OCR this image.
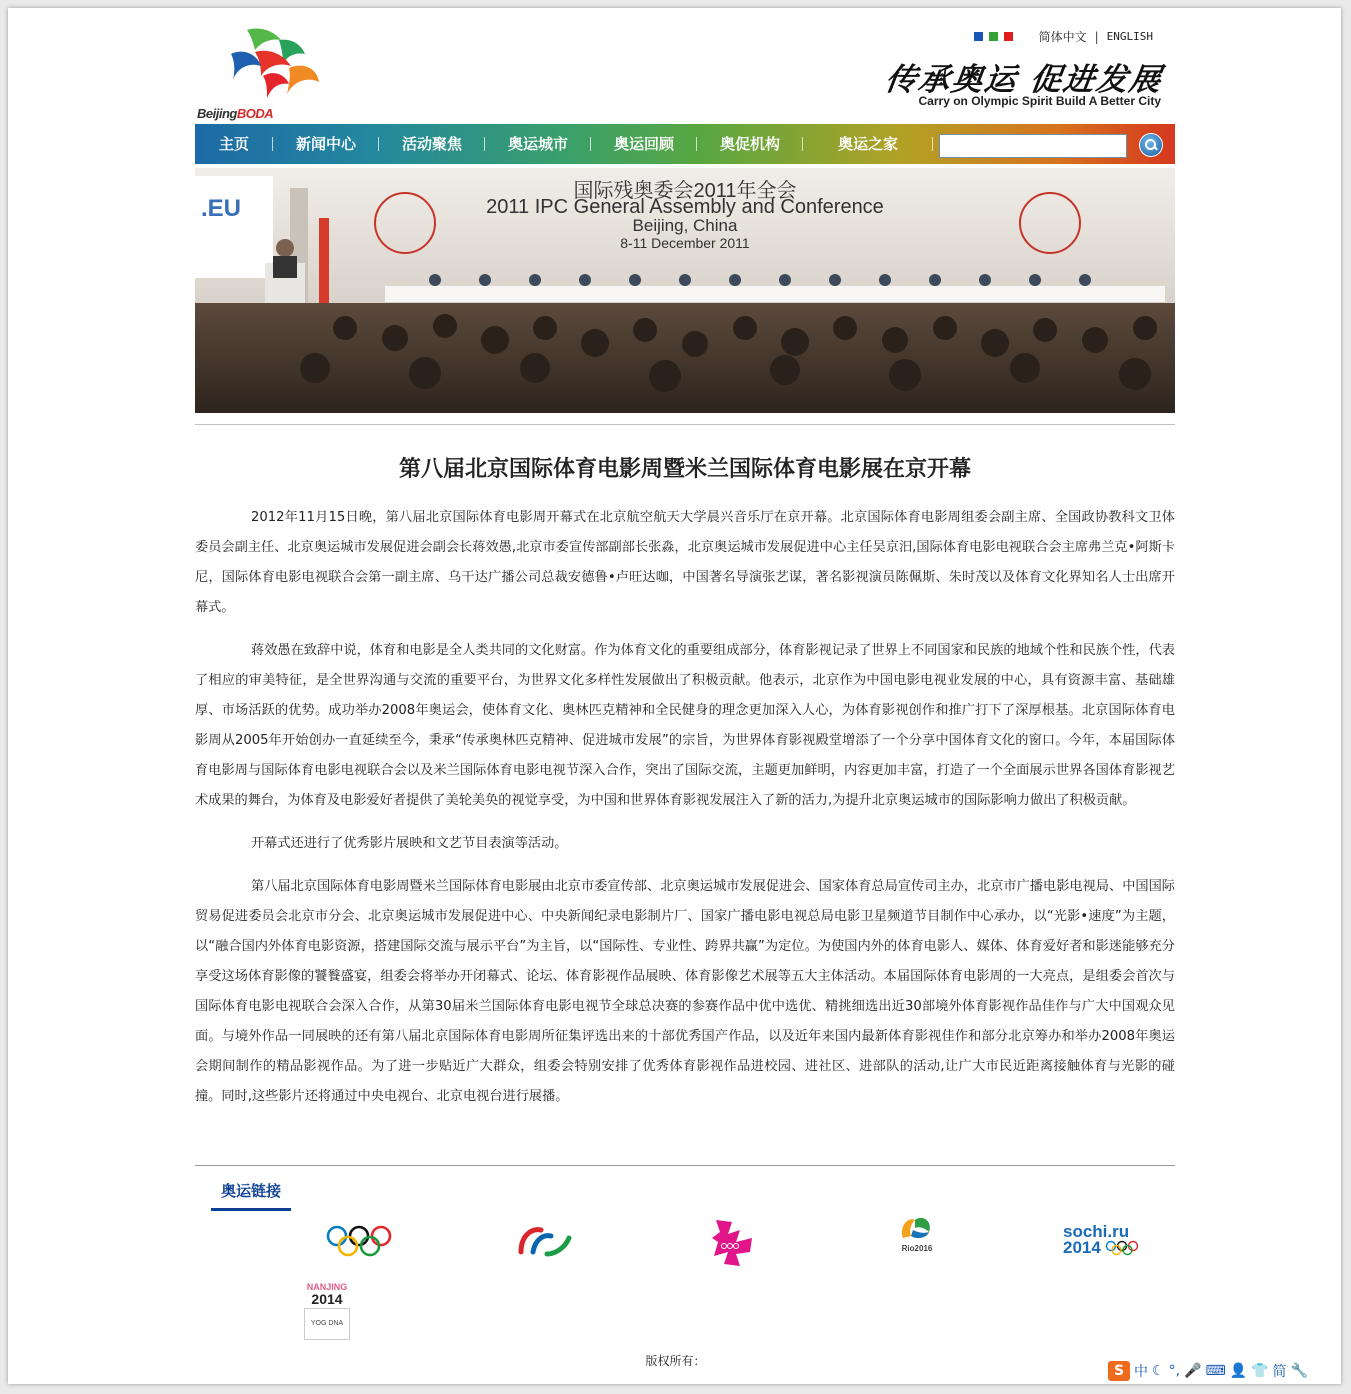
BeijingBODA
简体中文 | ENGLISH
传承奥运 促进发展
Carry on Olympic Spirit Build A Better City
主页	新闻中心	活动聚焦	奥运城市	奥运回顾	奥促机构	奥运之家
.EU
国际残奥委会2011年全会
2011 IPC General Assembly and Conference
Beijing, China
8-11 December 2011
第八届北京国际体育电影周暨米兰国际体育电影展在京开幕

2012年11月15日晚，第八届北京国际体育电影周开幕式在北京航空航天大学晨兴音乐厅在京开幕。北京国际体育电影周组委会副主席、全国政协教科文卫体委员会副主任、北京奥运城市发展促进会副会长蒋效愚,北京市委宣传部副部长张淼，北京奥运城市发展促进中心主任吴京汨,国际体育电影电视联合会主席弗兰克•阿斯卡尼，国际体育电影电视联合会第一副主席、乌干达广播公司总裁安德鲁•卢旺达咖，中国著名导演张艺谋，著名影视演员陈佩斯、朱时茂以及体育文化界知名人士出席开幕式。

蒋效愚在致辞中说，体育和电影是全人类共同的文化财富。作为体育文化的重要组成部分，体育影视记录了世界上不同国家和民族的地域个性和民族个性，代表了相应的审美特征，是全世界沟通与交流的重要平台，为世界文化多样性发展做出了积极贡献。他表示，北京作为中国电影电视业发展的中心，具有资源丰富、基础雄厚、市场活跃的优势。成功举办2008年奥运会，使体育文化、奥林匹克精神和全民健身的理念更加深入人心，为体育影视创作和推广打下了深厚根基。北京国际体育电影周从2005年开始创办一直延续至今，秉承“传承奥林匹克精神、促进城市发展”的宗旨，为世界体育影视殿堂增添了一个分享中国体育文化的窗口。今年，本届国际体育电影周与国际体育电影电视联合会以及米兰国际体育电影电视节深入合作，突出了国际交流，主题更加鲜明，内容更加丰富，打造了一个全面展示世界各国体育影视艺术成果的舞台，为体育及电影爱好者提供了美轮美奂的视觉享受，为中国和世界体育影视发展注入了新的活力,为提升北京奥运城市的国际影响力做出了积极贡献。

开幕式还进行了优秀影片展映和文艺节目表演等活动。

第八届北京国际体育电影周暨米兰国际体育电影展由北京市委宣传部、北京奥运城市发展促进会、国家体育总局宣传司主办，北京市广播电影电视局、中国国际贸易促进委员会北京市分会、北京奥运城市发展促进中心、中央新闻纪录电影制片厂、国家广播电影电视总局电影卫星频道节目制作中心承办，以“光影•速度”为主题，以“融合国内外体育电影资源，搭建国际交流与展示平台”为主旨，以“国际性、专业性、跨界共赢”为定位。为使国内外的体育电影人、媒体、体育爱好者和影迷能够充分享受这场体育影像的饕餮盛宴，组委会将举办开闭幕式、论坛、体育影视作品展映、体育影像艺术展等五大主体活动。本届国际体育电影周的一大亮点，是组委会首次与国际体育电影电视联合会深入合作，从第30届米兰国际体育电影电视节全球总决赛的参赛作品中优中选优、精挑细选出近30部境外体育影视作品佳作与广大中国观众见面。与境外作品一同展映的还有第八届北京国际体育电影周所征集评选出来的十部优秀国产作品，以及近年来国内最新体育影视佳作和部分北京筹办和举办2008年奥运会期间制作的精品影视作品。为了进一步贴近广大群众，组委会特别安排了优秀体育影视作品进校园、进社区、进部队的活动,让广大市民近距离接触体育与光影的碰撞。同时,这些影片还将通过中央电视台、北京电视台进行展播。

奥运链接
Rio2016
sochi.ru
2014
NANJING
2014
YOG DNA
版权所有：
S 中 ☾ °, 🎤 ⌨ 👤 👕 简 🔧
